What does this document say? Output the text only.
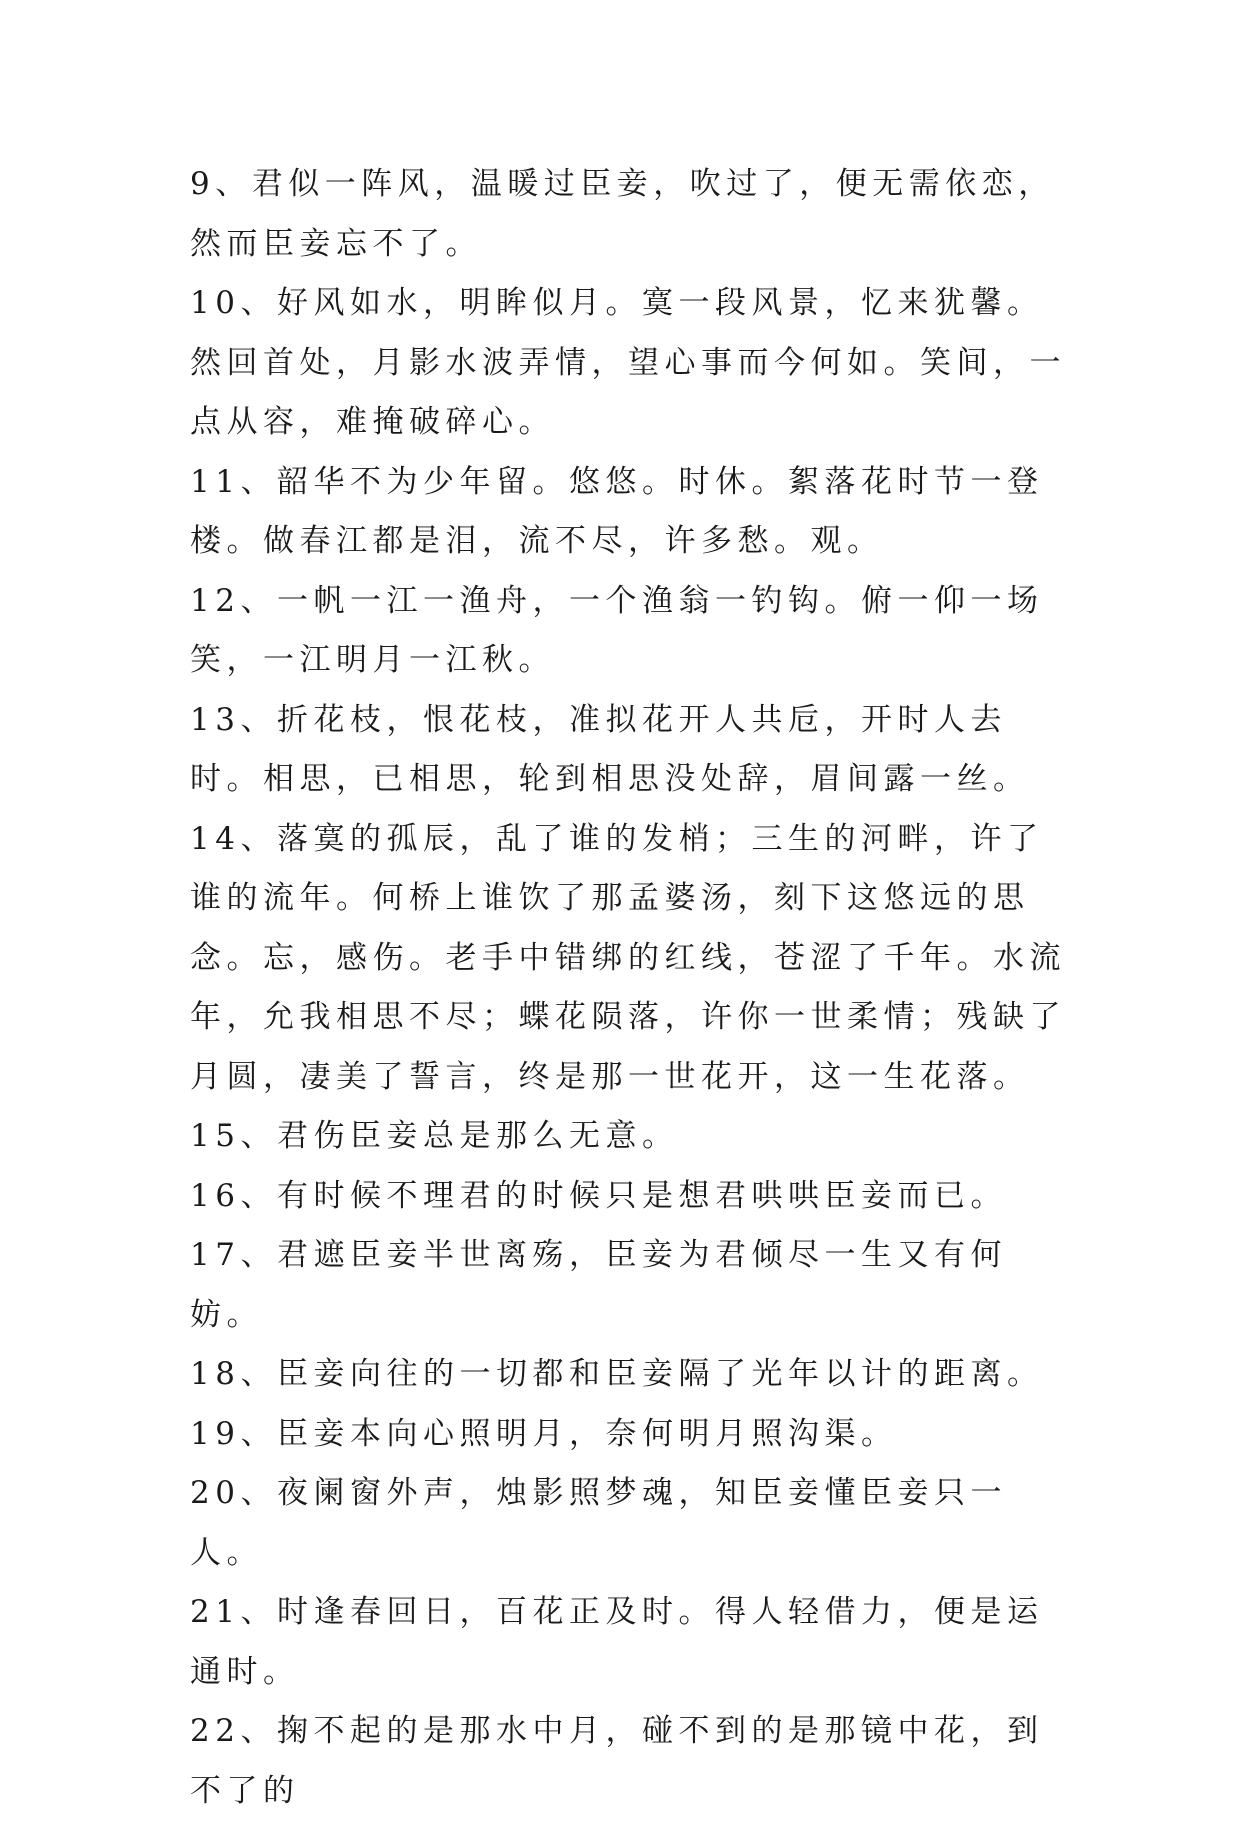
9、君似一阵风，温暖过臣妾，吹过了，便无需依恋，然而臣妾忘不了。

10、好风如水，明眸似月。寞一段风景，忆来犹馨。然回首处，月影水波弄情，望心事而今何如。笑间，一点从容，难掩破碎心。

11、韶华不为少年留。悠悠。时休。絮落花时节一登楼。做春江都是泪，流不尽，许多愁。观。

12、一帆一江一渔舟，一个渔翁一钓钩。俯一仰一场笑，一江明月一江秋。

13、折花枝，恨花枝，准拟花开人共卮，开时人去时。相思，已相思，轮到相思没处辞，眉间露一丝。

14、落寞的孤辰，乱了谁的发梢；三生的河畔，许了谁的流年。何桥上谁饮了那孟婆汤，刻下这悠远的思念。忘，感伤。老手中错绑的红线，苍涩了千年。水流年，允我相思不尽；蝶花陨落，许你一世柔情；残缺了月圆，凄美了誓言，终是那一世花开，这一生花落。

15、君伤臣妾总是那么无意。

16、有时候不理君的时候只是想君哄哄臣妾而已。

17、君遮臣妾半世离殇，臣妾为君倾尽一生又有何妨。

18、臣妾向往的一切都和臣妾隔了光年以计的距离。

19、臣妾本向心照明月，奈何明月照沟渠。

20、夜阑窗外声，烛影照梦魂，知臣妾懂臣妾只一人。

21、时逢春回日，百花正及时。得人轻借力，便是运通时。

22、掬不起的是那水中月，碰不到的是那镜中花，到不了的
